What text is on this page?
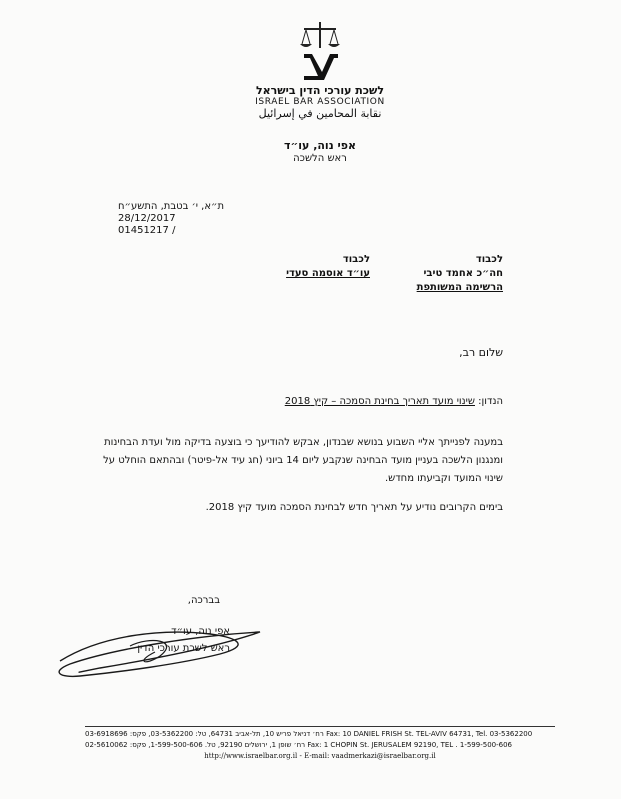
לשכת עורכי הדין בישראל
ISRAEL BAR ASSOCIATION
نقابة المحامين في إسرائيل
אפי נוה, עו״ד
ראש הלשכה
ת״א, י׳ בטבת, התשע״ח
28/12/2017
01451217 /
לכבוד
חה״כ אחמד טיבי
הרשימה המשותפת
לכבוד
עו״ד אוסמה סעדי
שלום רב,
הנדון: שינוי מועד תאריך בחינת הסמכה – קיץ 2018
במענה לפנייתך אליי השבוע בנושא שבנדון, אבקש להודיעך כי בוצעה בדיקה מול ועדת הבחינות ומנגנון הלשכה בעניין מועד הבחינה שנקבע ליום 14 ביוני (חג עיד אל-פיטר) ובהתאם הוחלט על שינוי המועד וקביעתו מחדש.
בימים הקרובים נודיע על תאריך חדש לבחינת הסמכה מועד קיץ 2018.
בברכה,
אפי נוה, עו״ד
ראש לשכת עורכי הדין
רח׳ דניאל פריש 10, תל-אביב 64731, טל: 03-5362200, פקס: 03-6918696 Fax: 10 DANIEL FRISH St. TEL-AVIV 64731, Tel. 03-5362200
רח׳ שופן 1, ירושלים 92190, טל. 1-599-500-606, פקס: 02-5610062 Fax: 1 CHOPIN St. JERUSALEM 92190, TEL . 1-599-500-606
http://www.israelbar.org.il - E-mail: vaadmerkazi@israelbar.org.il
